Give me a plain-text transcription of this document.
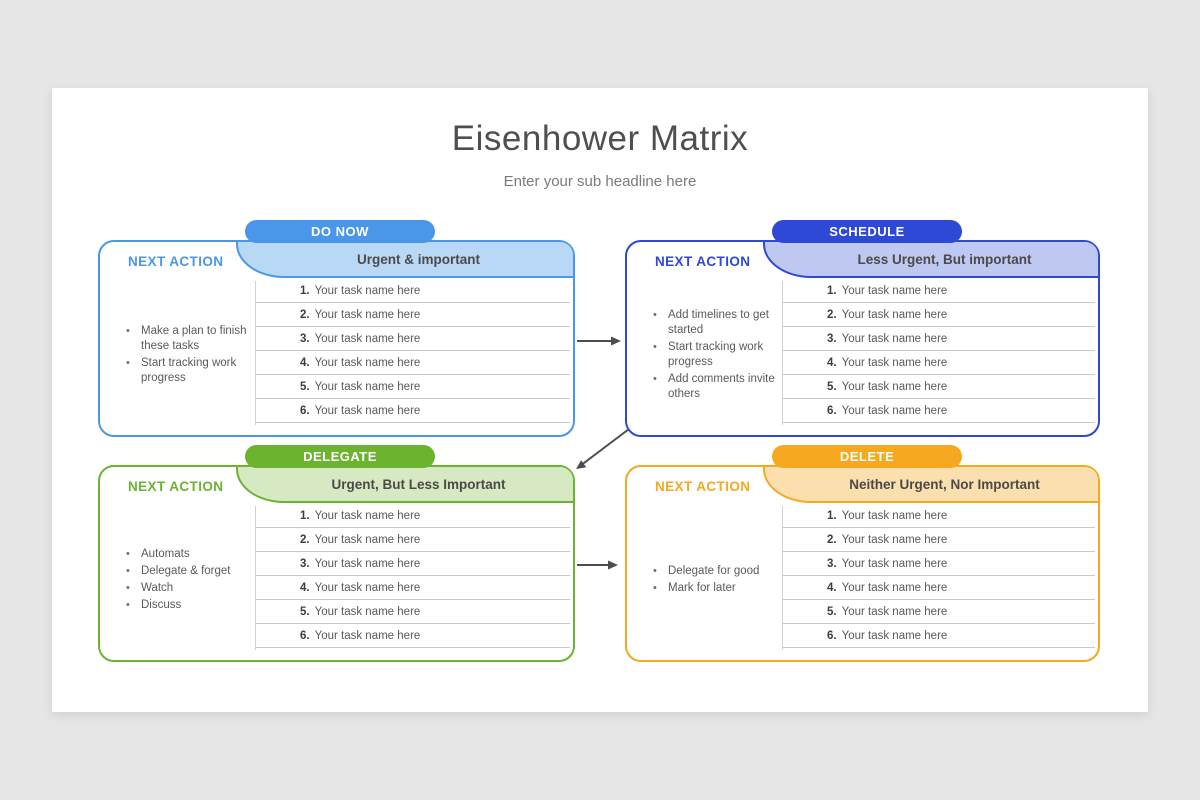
Eisenhower Matrix

Enter your sub headline here

DO NOW
Urgent & important
NEXT ACTION
• Make a plan to finish these tasks
• Start tracking work progress
1. Your task name here
2. Your task name here
3. Your task name here
4. Your task name here
5. Your task name here
6. Your task name here
SCHEDULE
Less Urgent, But important
NEXT ACTION
• Add timelines to get started
• Start tracking work progress
• Add comments invite others
1. Your task name here
2. Your task name here
3. Your task name here
4. Your task name here
5. Your task name here
6. Your task name here
DELEGATE
Urgent, But Less Important
NEXT ACTION
• Automats
• Delegate & forget
• Watch
• Discuss
1. Your task name here
2. Your task name here
3. Your task name here
4. Your task name here
5. Your task name here
6. Your task name here
DELETE
Neither Urgent, Nor Important
NEXT ACTION
• Delegate for good
• Mark for later
1. Your task name here
2. Your task name here
3. Your task name here
4. Your task name here
5. Your task name here
6. Your task name here
